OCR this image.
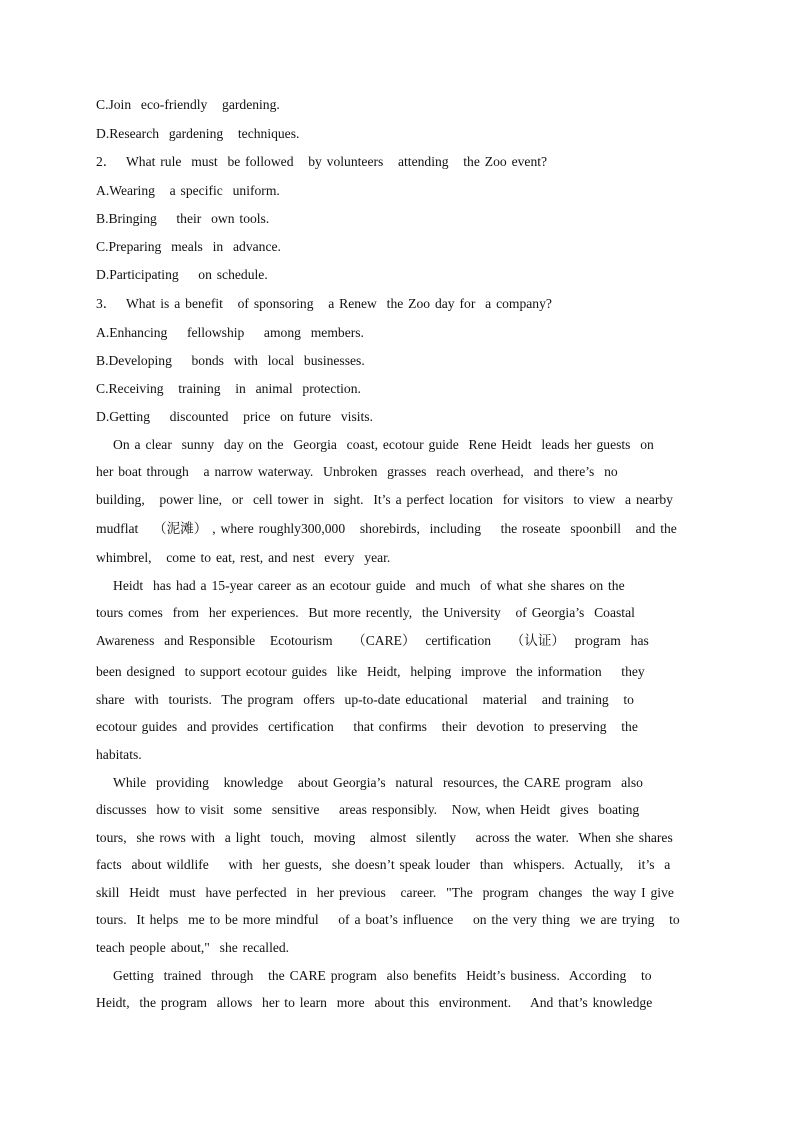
C.Join  eco-friendly   gardening.
D.Research  gardening   techniques.
2．  What rule  must  be followed   by volunteers   attending   the Zoo event?
A.Wearing   a specific  uniform.
B.Bringing    their  own tools.
C.Preparing  meals  in  advance.
D.Participating    on schedule.
3．  What is a benefit   of sponsoring   a Renew  the Zoo day for  a company?
A.Enhancing    fellowship    among  members.
B.Developing    bonds  with  local  businesses.
C.Receiving   training   in  animal  protection.
D.Getting    discounted   price  on future  visits.
On a clear  sunny  day on the  Georgia  coast, ecotour guide  Rene Heidt  leads her guests  on
her boat through   a narrow waterway.  Unbroken  grasses  reach overhead,  and there’s  no
building,   power line,  or  cell tower in  sight.  It’s a perfect location  for visitors  to view  a nearby
mudflat   （泥滩） , where roughly300,000   shorebirds,  including    the roseate  spoonbill   and the
whimbrel,   come to eat, rest, and nest  every  year.
Heidt  has had a 15-year career as an ecotour guide  and much  of what she shares on the
tours comes  from  her experiences.  But more recently,  the University   of Georgia’s  Coastal
Awareness  and Responsible   Ecotourism    （CARE）  certification    （认证）  program  has
been designed  to support ecotour guides  like  Heidt,  helping  improve  the information    they
share  with  tourists.  The program  offers  up-to-date educational   material   and training   to
ecotour guides  and provides  certification    that confirms   their  devotion  to preserving   the
habitats.
While  providing   knowledge   about Georgia’s  natural  resources, the CARE program  also
discusses  how to visit  some  sensitive    areas responsibly.   Now, when Heidt  gives  boating
tours,  she rows with  a light  touch,  moving   almost  silently    across the water.  When she shares
facts  about wildlife    with  her guests,  she doesn’t speak louder  than  whispers.  Actually,   it’s  a
skill  Heidt  must  have perfected  in  her previous   career.  "The  program  changes  the way I give
tours.  It helps  me to be more mindful    of a boat’s influence    on the very thing  we are trying   to
teach people about,"  she recalled.
Getting  trained  through   the CARE program  also benefits  Heidt’s business.  According   to
Heidt,  the program  allows  her to learn  more  about this  environment.    And that’s knowledge
